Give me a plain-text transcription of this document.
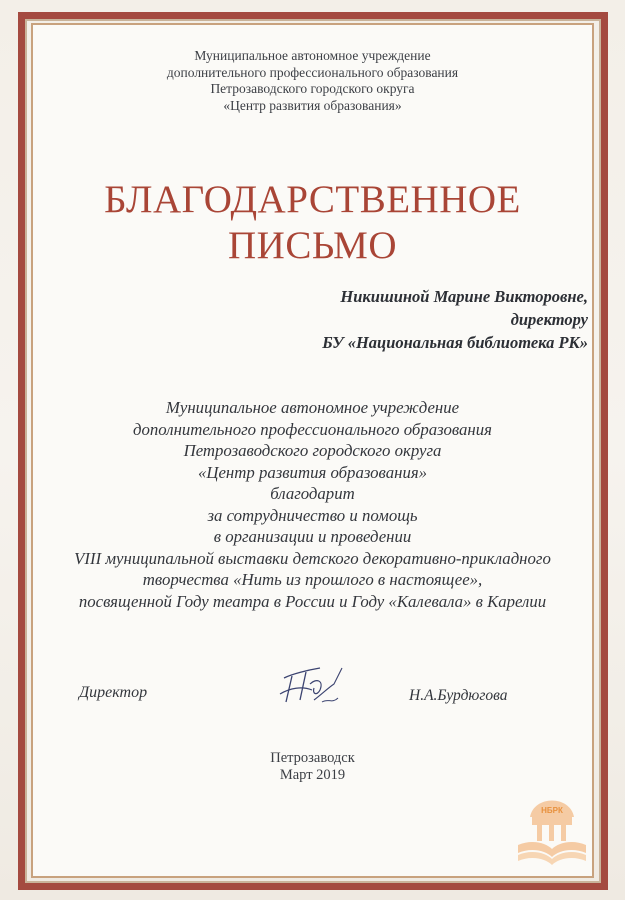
Муниципальное автономное учреждение
дополнительного профессионального образования
Петрозаводского городского округа
«Центр развития образования»
БЛАГОДАРСТВЕННОЕ
ПИСЬМО
Никишиной Марине Викторовне,
директору
БУ «Национальная библиотека РК»
Муниципальное автономное учреждение
дополнительного профессионального образования
Петрозаводского городского округа
«Центр развития образования»
благодарит
за сотрудничество и помощь
в организации и проведении
VIII муниципальной выставки детского декоративно-прикладного
творчества «Нить из прошлого в настоящее»,
посвященной Году театра в России и Году «Калевала» в Карелии
Директор	Н.А.Бурдюгова
Петрозаводск
Март 2019
НБРК
